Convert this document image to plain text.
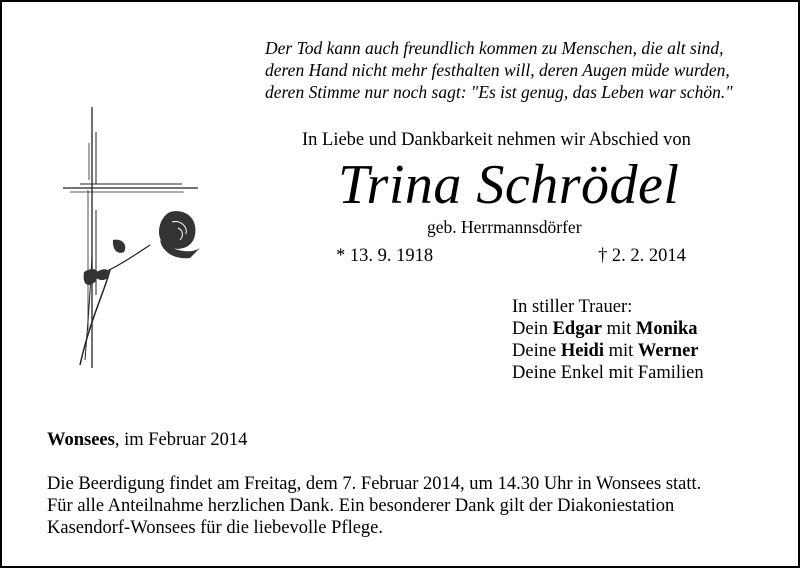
Der Tod kann auch freundlich kommen zu Menschen, die alt sind,
deren Hand nicht mehr festhalten will, deren Augen müde wurden,
deren Stimme nur noch sagt: "Es ist genug, das Leben war schön."
In Liebe und Dankbarkeit nehmen wir Abschied von
Trina Schrödel
geb. Herrmannsdörfer
* 13. 9. 1918	† 2. 2. 2014
In stiller Trauer:
Dein Edgar mit Monika
Deine Heidi mit Werner
Deine Enkel mit Familien
Wonsees, im Februar 2014
Die Beerdigung findet am Freitag, dem 7. Februar 2014, um 14.30 Uhr in Wonsees statt.
Für alle Anteilnahme herzlichen Dank. Ein besonderer Dank gilt der Diakoniestation
Kasendorf-Wonsees für die liebevolle Pflege.
